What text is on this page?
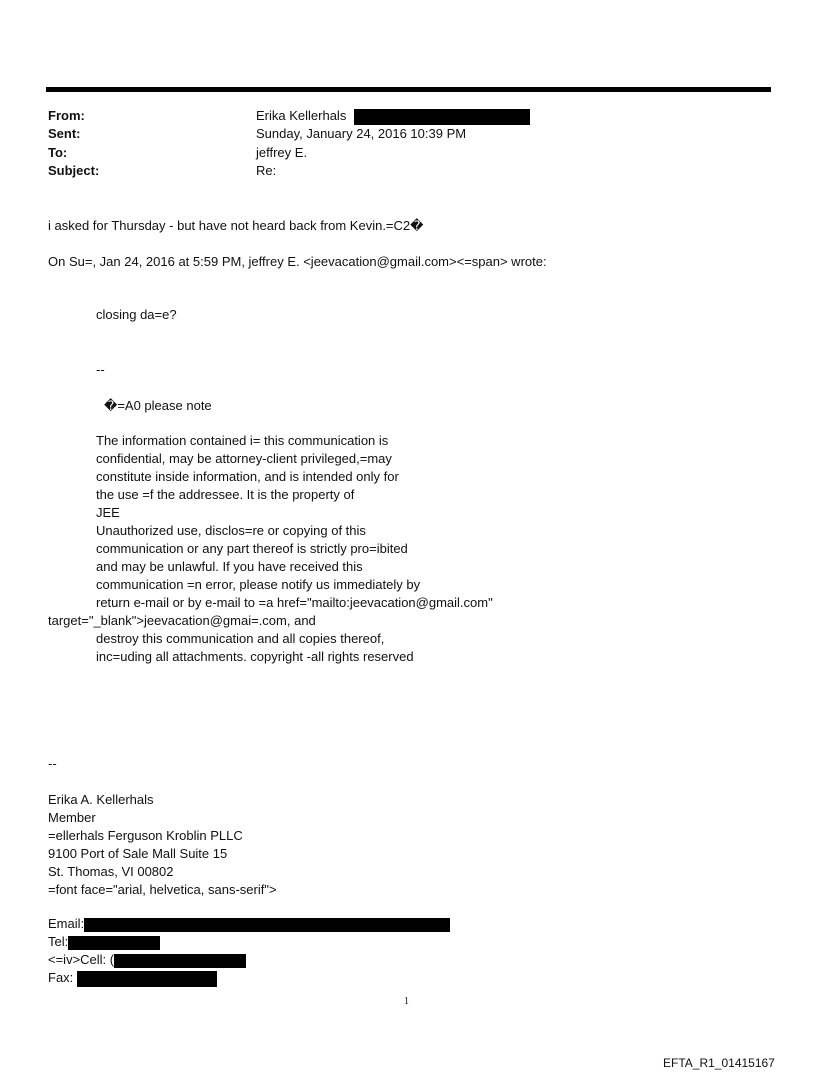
From:	Erika Kellerhals
Sent:	Sunday, January 24, 2016 10:39 PM
To:	jeffrey E.
Subject:	Re:
i asked for Thursday - but have not heard back from Kevin.=C2�
On Su=, Jan 24, 2016 at 5:59 PM, jeffrey E. <jeevacation@gmail.com><=span> wrote:
closing da=e?
--
�=A0 please note
The information contained i= this communication is
confidential, may be attorney-client privileged,=may
constitute inside information, and is intended only for
the use =f the addressee. It is the property of
JEE
Unauthorized use, disclos=re or copying of this
communication or any part thereof is strictly pro=ibited
and may be unlawful. If you have received this
communication =n error, please notify us immediately by
return e-mail or by e-mail to =a href="mailto:jeevacation@gmail.com"
target="_blank">jeevacation@gmai=.com, and
destroy this communication and all copies thereof,
inc=uding all attachments. copyright -all rights reserved
--
Erika A. Kellerhals
Member
=ellerhals Ferguson Kroblin PLLC
9100 Port of Sale Mall Suite 15
St. Thomas, VI 00802
=font face="arial, helvetica, sans-serif">
Email:
Tel:
<=iv>Cell: (
Fax:
1
EFTA_R1_01415167
